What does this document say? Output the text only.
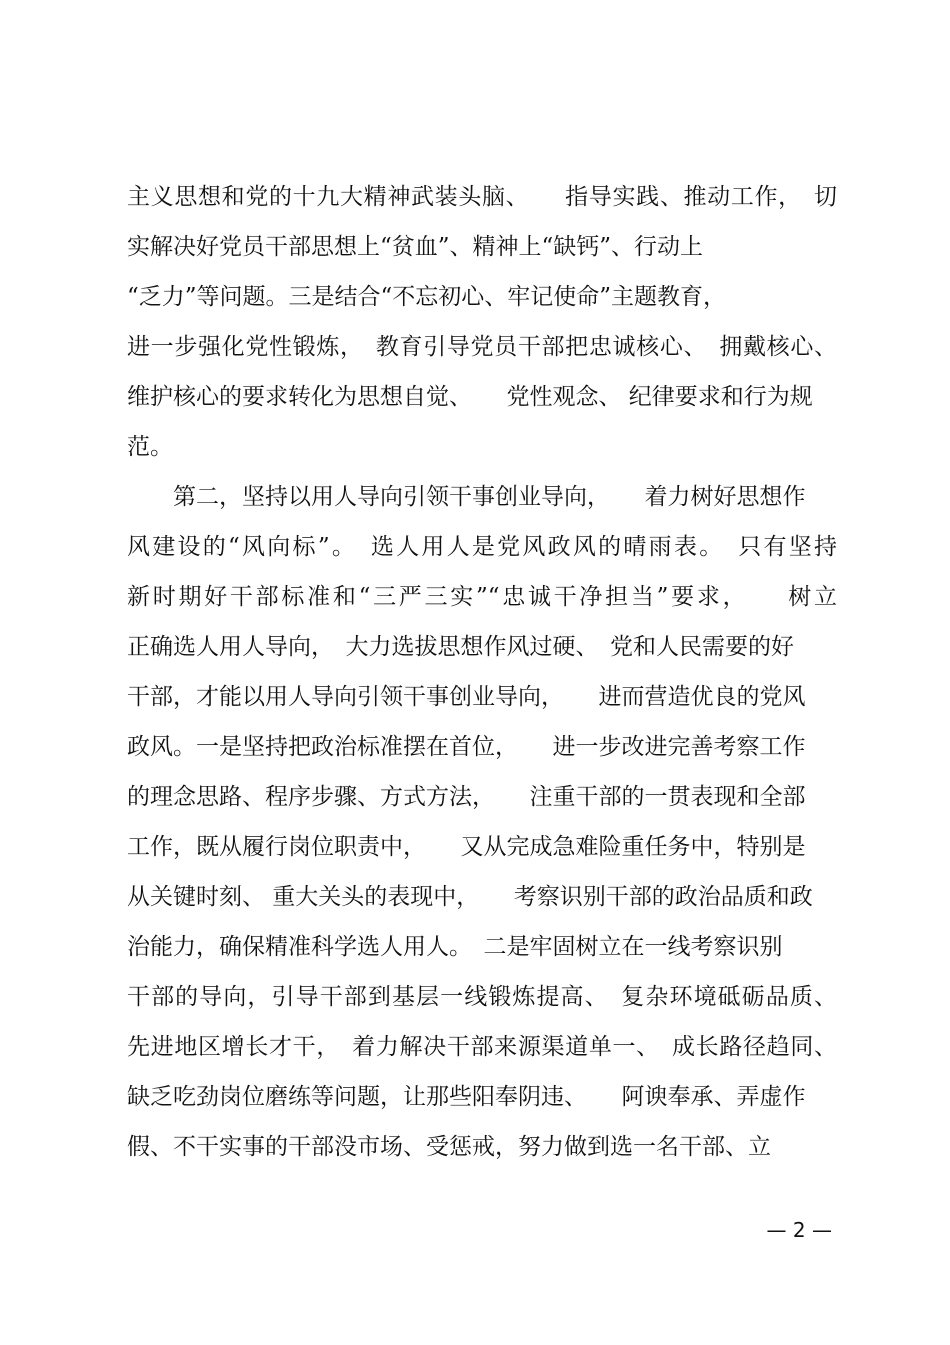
主义思想和党的十九大精神武装头脑、　　指导实践、推动工作，　切
实解决好党员干部思想上“贫血”、精神上“缺钙”、行动上
“乏力”等问题。三是结合“不忘初心、牢记使命”主题教育，
进一步强化党性锻炼，　教育引导党员干部把忠诚核心、　拥戴核心、
维护核心的要求转化为思想自觉、　　党性观念、 纪律要求和行为规
范。
　　第二，坚持以用人导向引领干事创业导向，　　着力树好思想作
风建设的“风向标”。　选人用人是党风政风的晴雨表。　只有坚持
新时期好干部标准和“三严三实”“忠诚干净担当”要求，　　树立
正确选人用人导向，　大力选拔思想作风过硬、　党和人民需要的好
干部，才能以用人导向引领干事创业导向，　　进而营造优良的党风
政风。一是坚持把政治标准摆在首位，　　进一步改进完善考察工作
的理念思路、程序步骤、方式方法，　　注重干部的一贯表现和全部
工作，既从履行岗位职责中，　　又从完成急难险重任务中，特别是
从关键时刻、 重大关头的表现中，　　考察识别干部的政治品质和政
治能力，确保精准科学选人用人。　二是牢固树立在一线考察识别
干部的导向，引导干部到基层一线锻炼提高、　复杂环境砥砺品质、
先进地区增长才干，　着力解决干部来源渠道单一、　成长路径趋同、
缺乏吃劲岗位磨练等问题，让那些阳奉阴违、　　阿谀奉承、弄虚作
假、不干实事的干部没市场、受惩戒，努力做到选一名干部、立
— 2 —
